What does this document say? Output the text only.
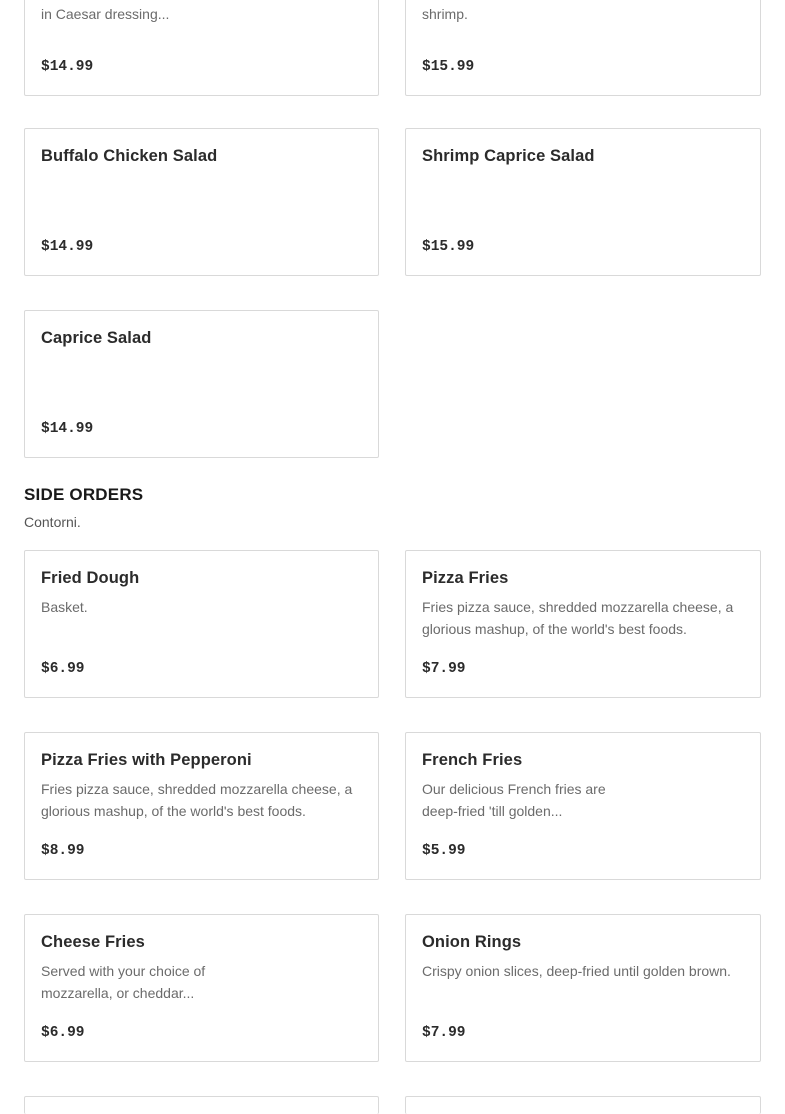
in Caesar dressing...
$14.99
shrimp.
$15.99
Buffalo Chicken Salad
$14.99
Shrimp Caprice Salad
$15.99
Caprice Salad
$14.99
SIDE ORDERS

Contorni.

Fried Dough
Basket.
$6.99
Pizza Fries
Fries pizza sauce, shredded mozzarella cheese, a glorious mashup, of the world's best foods.
$7.99
Pizza Fries with Pepperoni
Fries pizza sauce, shredded mozzarella cheese, a glorious mashup, of the world's best foods.
$8.99
French Fries
Our delicious French fries are deep-fried 'till golden...
$5.99
Cheese Fries
Served with your choice of mozzarella, or cheddar...
$6.99
Onion Rings
Crispy onion slices, deep-fried until golden brown.
$7.99
